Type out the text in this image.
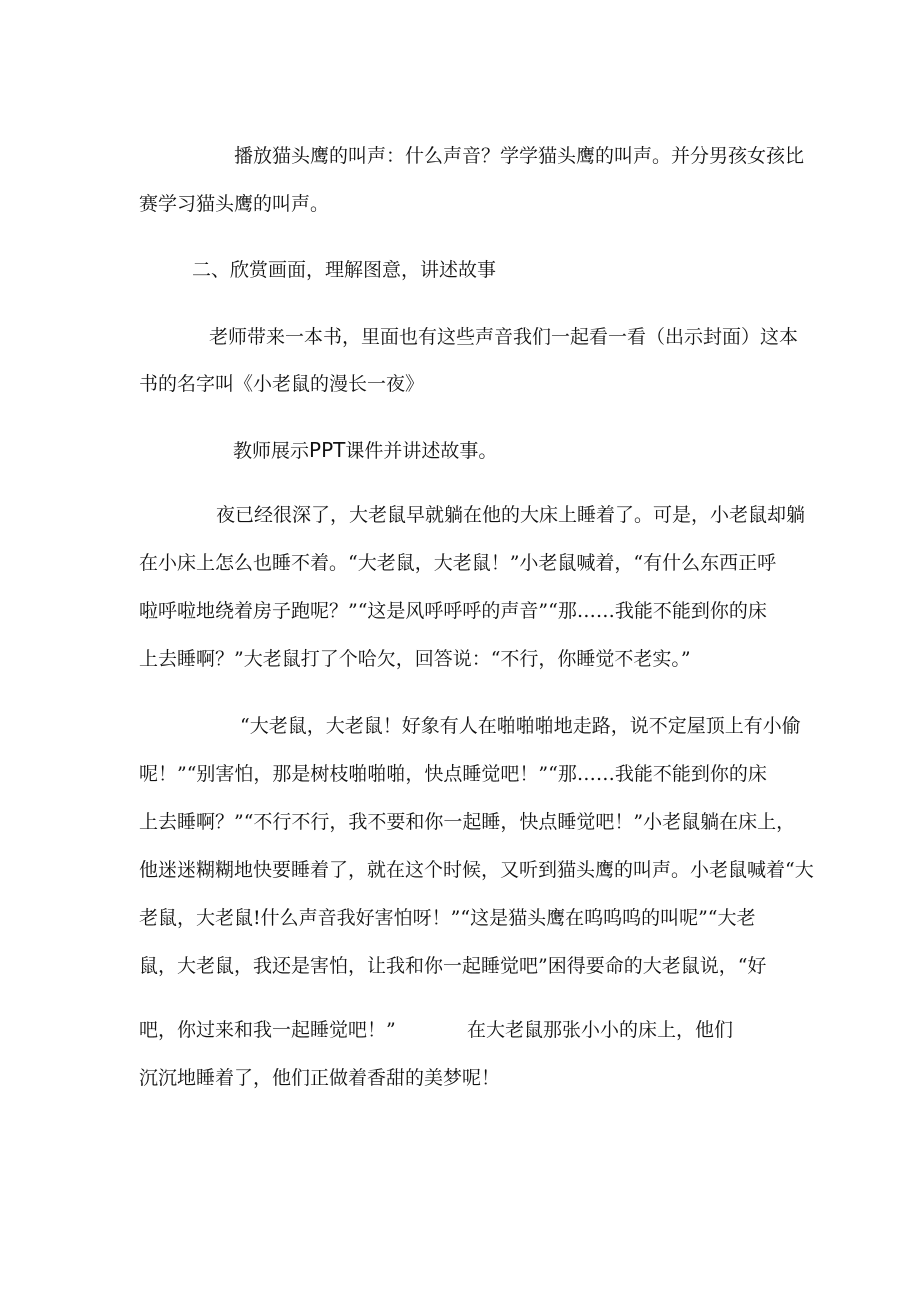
播放猫头鹰的叫声：什么声音？学学猫头鹰的叫声。并分男孩女孩比
赛学习猫头鹰的叫声。
二、欣赏画面，理解图意，讲述故事
老师带来一本书，里面也有这些声音我们一起看一看（出示封面）这本
书的名字叫《小老鼠的漫长一夜》
教师展示PPT课件并讲述故事。
夜已经很深了，大老鼠早就躺在他的大床上睡着了。可是，小老鼠却躺
在小床上怎么也睡不着。“大老鼠，大老鼠！”小老鼠喊着，“有什么东西正呼
啦呼啦地绕着房子跑呢？”“这是风呼呼呼的声音”“那……我能不能到你的床
上去睡啊？”大老鼠打了个哈欠，回答说：“不行，你睡觉不老实。”
“大老鼠，大老鼠！好象有人在啪啪啪地走路，说不定屋顶上有小偷
呢！”“别害怕，那是树枝啪啪啪，快点睡觉吧！”“那……我能不能到你的床
上去睡啊？”“不行不行，我不要和你一起睡，快点睡觉吧！”小老鼠躺在床上，
他迷迷糊糊地快要睡着了，就在这个时候，又听到猫头鹰的叫声。小老鼠喊着“大
老鼠，大老鼠!什么声音我好害怕呀！”“这是猫头鹰在呜呜呜的叫呢”“大老
鼠，大老鼠，我还是害怕，让我和你一起睡觉吧”困得要命的大老鼠说，“好
吧，你过来和我一起睡觉吧！”	在大老鼠那张小小的床上，他们
沉沉地睡着了，他们正做着香甜的美梦呢！
